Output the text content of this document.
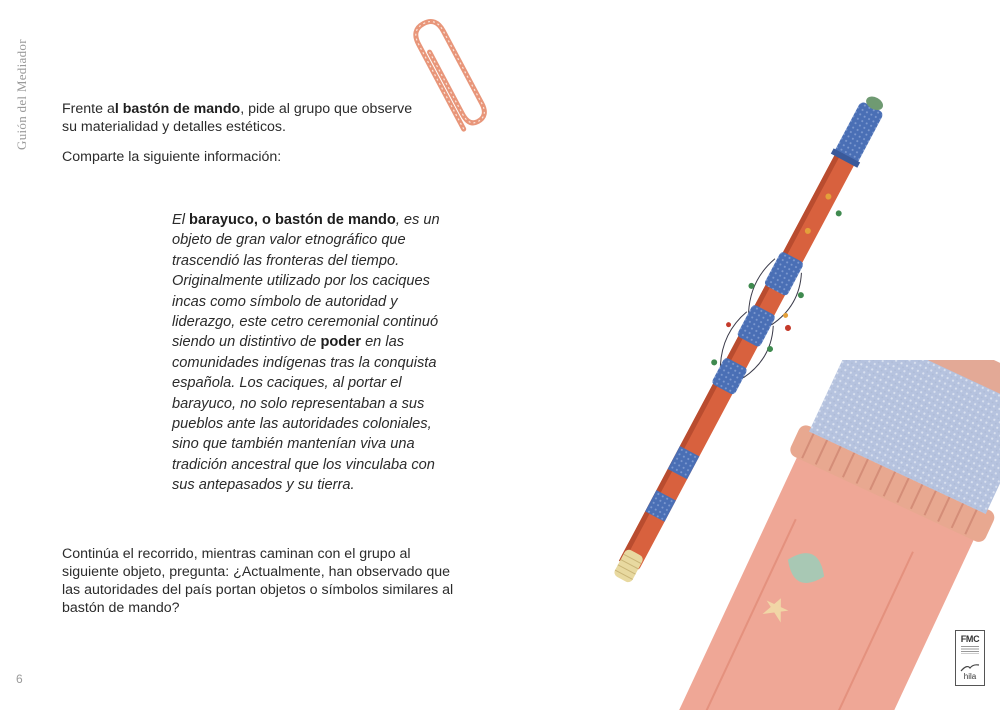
Guión del Mediador Frente al bastón de mando, pide al grupo que observe su materialidad y detalles estéticos.

Comparte la siguiente información:

El barayuco, o bastón de mando, es un objeto de gran valor etnográfico que trascendió las fronteras del tiempo. Originalmente utilizado por los caciques incas como símbolo de autoridad y liderazgo, este cetro ceremonial continuó siendo un distintivo de poder en las comunidades indígenas tras la conquista española. Los caciques, al portar el barayuco, no solo representaban a sus pueblos ante las autoridades coloniales, sino que también mantenían viva una tradición ancestral que los vinculaba con sus antepasados y su tierra.

Continúa el recorrido, mientras caminan con el grupo al siguiente objeto, pregunta: ¿Actualmente, han observado que las autoridades del país portan objetos o símbolos similares al bastón de mando?

6
FMC
hila
